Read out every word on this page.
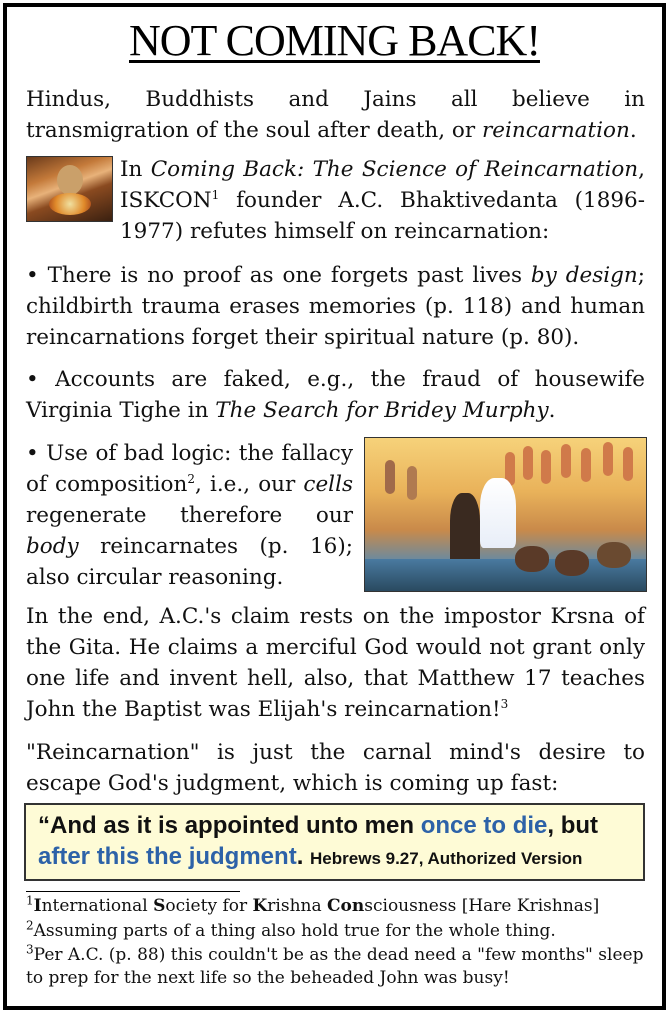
NOT COMING BACK!
Hindus, Buddhists and Jains all believe in transmigration of the soul after death, or reincarnation.
In Coming Back: The Science of Reincarnation, ISKCON$^1$ founder A.C. Bhaktivedanta (1896-1977) refutes himself on reincarnation:
• There is no proof as one forgets past lives by design; childbirth trauma erases memories (p. 118) and human reincarnations forget their spiritual nature (p. 80).
• Accounts are faked, e.g., the fraud of housewife Virginia Tighe in The Search for Bridey Murphy.
• Use of bad logic: the fallacy of composition$^2$, i.e., our cells regenerate therefore our body reincarnates (p. 16); also circular reasoning.
In the end, A.C.'s claim rests on the impostor Krsna of the Gita. He claims a merciful God would not grant only one life and invent hell, also, that Matthew 17 teaches John the Baptist was Elijah's reincarnation!$^3$
"Reincarnation" is just the carnal mind's desire to escape God's judgment, which is coming up fast:
“And as it is appointed unto men once to die, but
after this the judgment. Hebrews 9.27, Authorized Version
$^1$International Society for Krishna Consciousness [Hare Krishnas]
$^2$Assuming parts of a thing also hold true for the whole thing.
$^3$Per A.C. (p. 88) this couldn't be as the dead need a "few months" sleep to prep for the next life so the beheaded John was busy!
